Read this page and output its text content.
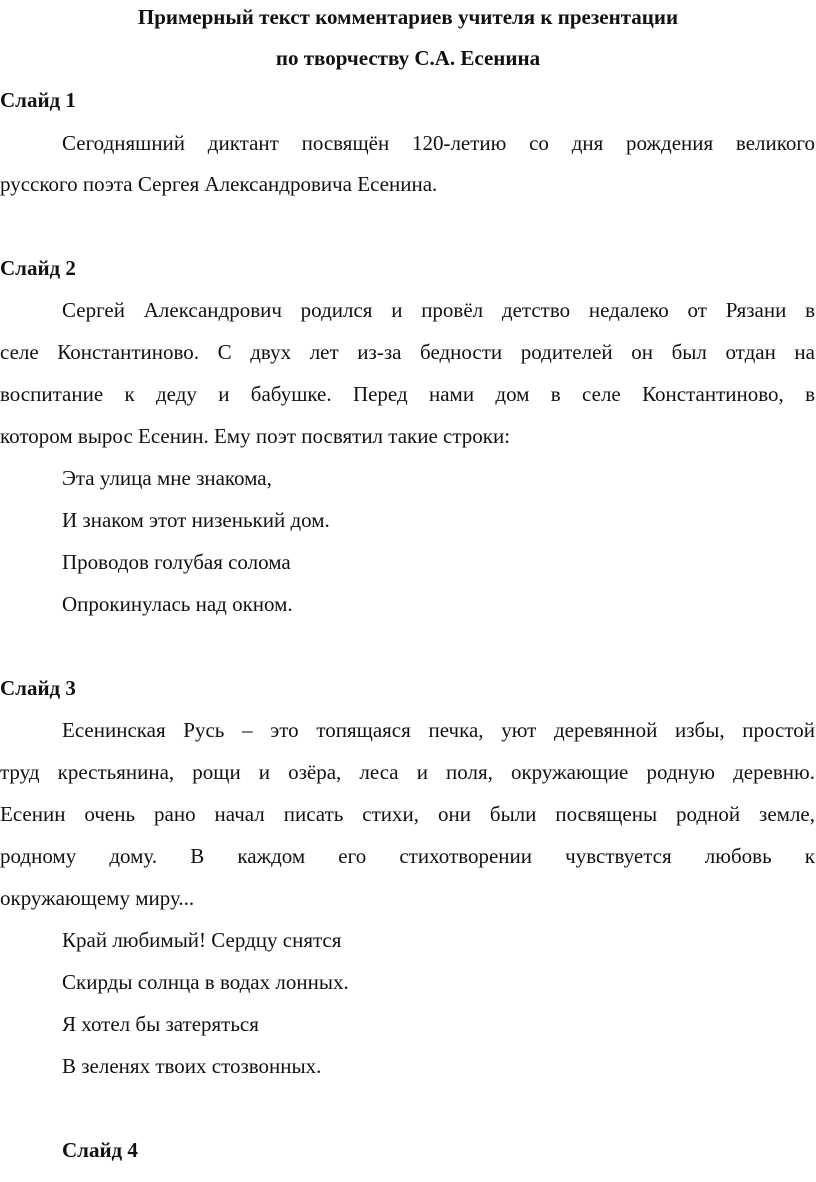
Примерный текст комментариев учителя к презентации
по творчеству С.А. Есенина
Слайд 1
Сегодняшний диктант посвящён 120-летию со дня рождения великого
русского поэта Сергея Александровича Есенина.
Слайд 2
Сергей Александрович родился и провёл детство недалеко от Рязани в
селе Константиново. С двух лет из-за бедности родителей он был отдан на
воспитание к деду и бабушке. Перед нами дом в селе Константиново, в
котором вырос Есенин. Ему поэт посвятил такие строки:
Эта улица мне знакома,
И знаком этот низенький дом.
Проводов голубая солома
Опрокинулась над окном.
Слайд 3
Есенинская Русь – это топящаяся печка, уют деревянной избы, простой
труд крестьянина, рощи и озёра, леса и поля, окружающие родную деревню.
Есенин очень рано начал писать стихи, они были посвящены родной земле,
родному дому. В каждом его стихотворении чувствуется любовь к
окружающему миру...
Край любимый! Сердцу снятся
Скирды солнца в водах лонных.
Я хотел бы затеряться
В зеленях твоих стозвонных.
Слайд 4
